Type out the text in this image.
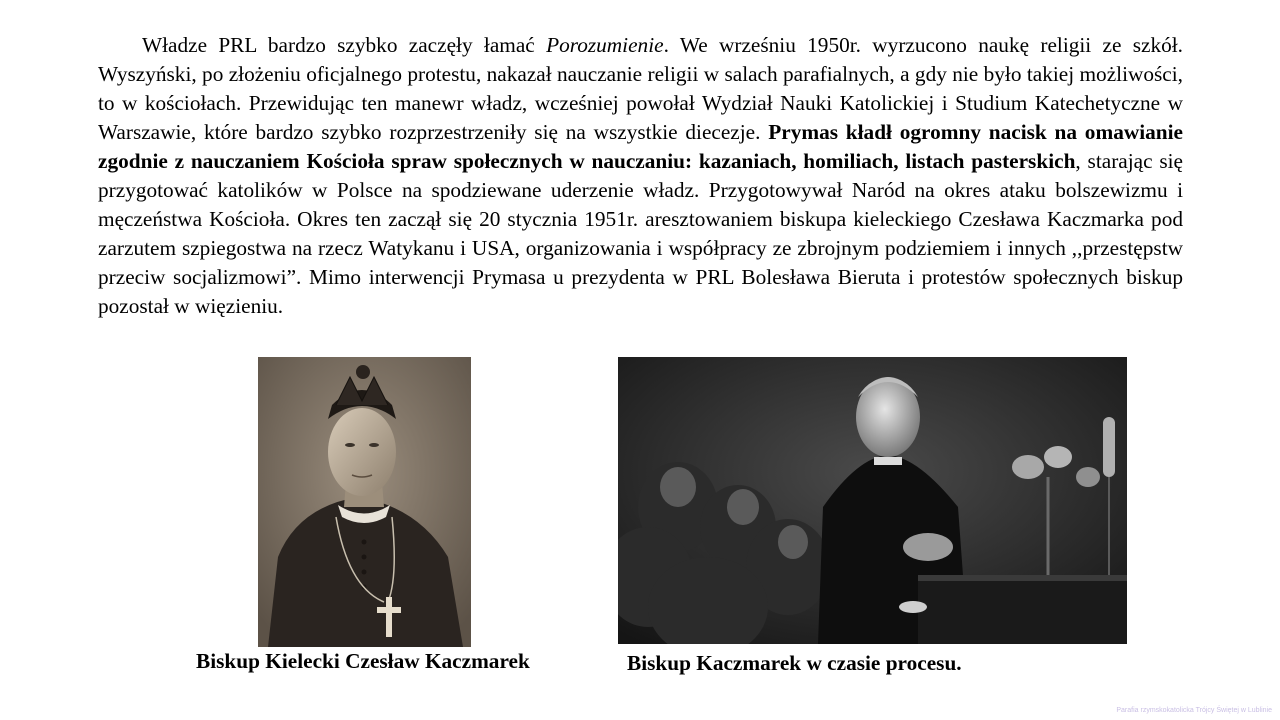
Władze PRL bardzo szybko zaczęły łamać Porozumienie. We wrześniu 1950r. wyrzucono naukę religii ze szkół. Wyszyński, po złożeniu oficjalnego protestu, nakazał nauczanie religii w salach parafialnych, a gdy nie było takiej możliwości, to w kościołach. Przewidując ten manewr władz, wcześniej powołał Wydział Nauki Katolickiej i Studium Katechetyczne w Warszawie, które bardzo szybko rozprzestrzeniły się na wszystkie diecezje. Prymas kładł ogromny nacisk na omawianie zgodnie z nauczaniem Kościoła spraw społecznych w nauczaniu: kazaniach, homiliach, listach pasterskich, starając się przygotować katolików w Polsce na spodziewane uderzenie władz. Przygotowywał Naród na okres ataku bolszewizmu i męczeństwa Kościoła. Okres ten zaczął się 20 stycznia 1951r. aresztowaniem biskupa kieleckiego Czesława Kaczmarka pod zarzutem szpiegostwa na rzecz Watykanu i USA, organizowania i współpracy ze zbrojnym podziemiem i innych ,,przestępstw przeciw socjalizmowi”. Mimo interwencji Prymasa u prezydenta w PRL Bolesława Bieruta i protestów społecznych biskup pozostał w więzieniu.

Biskup Kielecki Czesław Kaczmarek	Biskup Kaczmarek w czasie procesu.

Parafia rzymskokatolicka Trójcy Świętej w Lublinie
